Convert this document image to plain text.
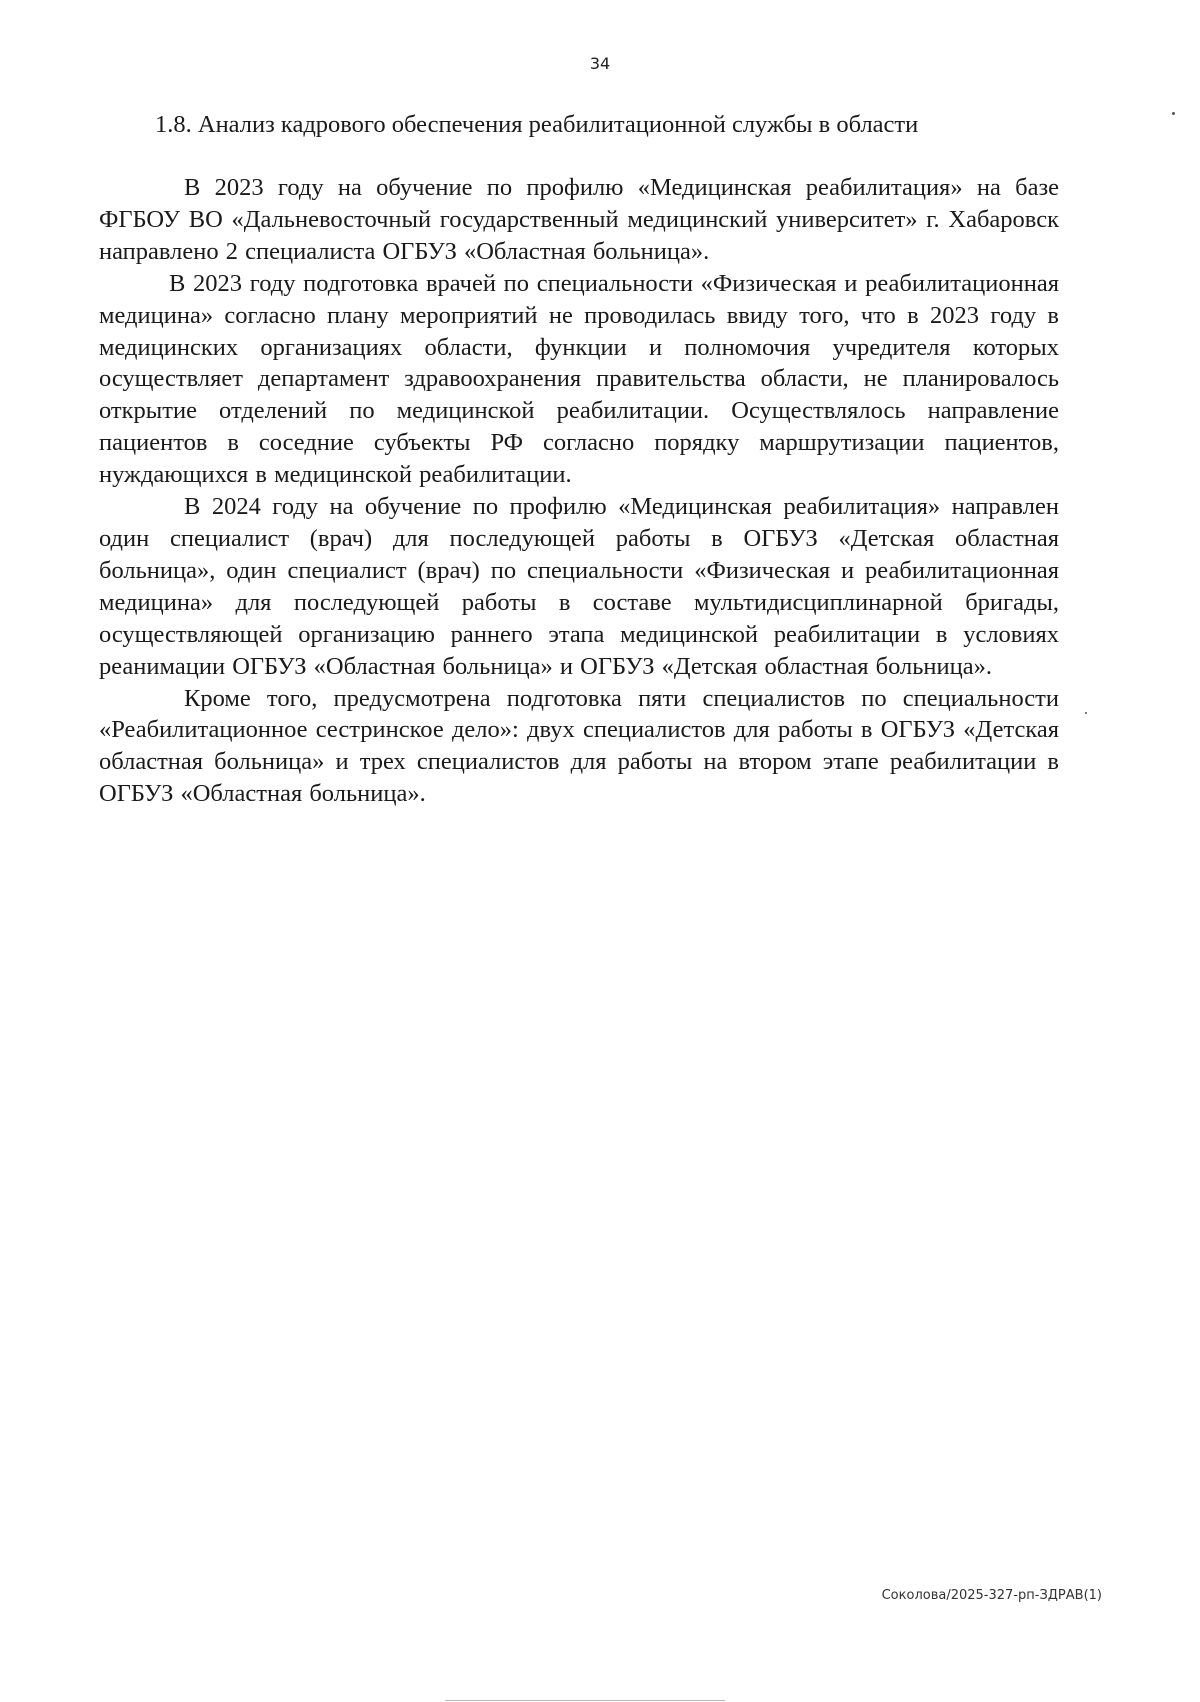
34
1.8. Анализ кадрового обеспечения реабилитационной службы в области

В 2023 году на обучение по профилю «Медицинская реабилитация» на базе ФГБОУ ВО «Дальневосточный государственный медицинский университет» г. Хабаровск направлено 2 специалиста ОГБУЗ «Областная больница».

В 2023 году подготовка врачей по специальности «Физическая и реабилитационная медицина» согласно плану мероприятий не проводилась ввиду того, что в 2023 году в медицинских организациях области, функции и полномочия учредителя которых осуществляет департамент здравоохранения правительства области, не планировалось открытие отделений по медицинской реабилитации. Осуществлялось направление пациентов в соседние субъекты РФ согласно порядку маршрутизации пациентов, нуждающихся в медицинской реабилитации.

В 2024 году на обучение по профилю «Медицинская реабилитация» направлен один специалист (врач) для последующей работы в ОГБУЗ «Детская областная больница», один специалист (врач) по специальности «Физическая и реабилитационная медицина» для последующей работы в составе мультидисциплинарной бригады, осуществляющей организацию раннего этапа медицинской реабилитации в условиях реанимации ОГБУЗ «Областная больница» и ОГБУЗ «Детская областная больница».

Кроме того, предусмотрена подготовка пяти специалистов по специальности «Реабилитационное сестринское дело»: двух специалистов для работы в ОГБУЗ «Детская областная больница» и трех специалистов для работы на втором этапе реабилитации в ОГБУЗ «Областная больница».

Соколова/2025-327-рп-ЗДРАВ(1)
